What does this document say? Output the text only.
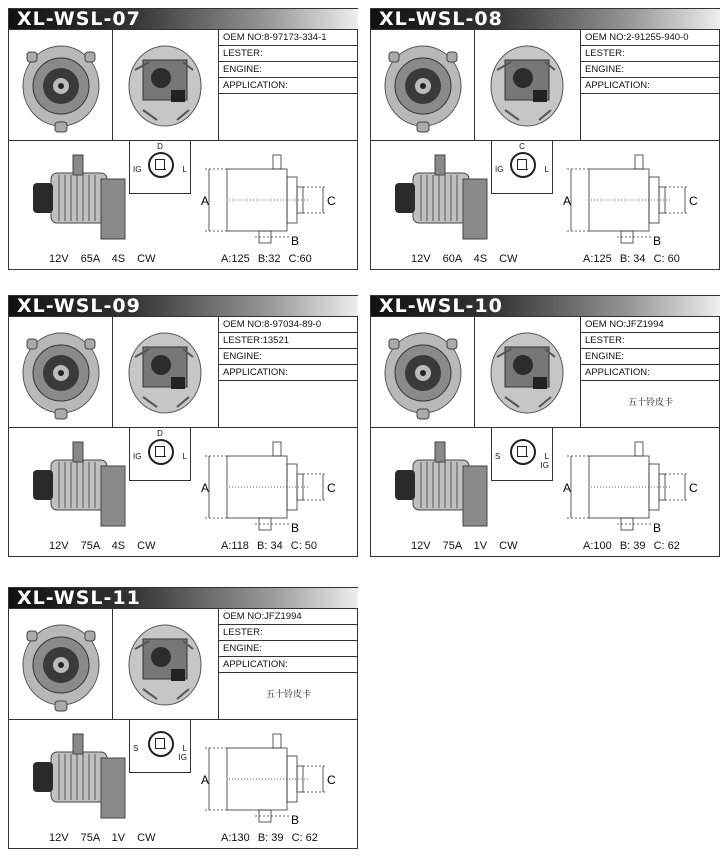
XL-WSL-07
OEM NO:8-97173-334-1
LESTER:
ENGINE:
APPLICATION:
D
IG	L
A	C
B
12V 65A 4S CW	A:125 B:32 C:60
XL-WSL-08
OEM NO:2-91255-940-0
LESTER:
ENGINE:
APPLICATION:
C
IG	L
A	C
B
12V 60A 4S CW	A:125 B: 34 C: 60
XL-WSL-09
OEM NO:8-97034-89-0
LESTER:13521
ENGINE:
APPLICATION:
D
IG	L
A	C
B
12V 75A 4S CW	A:118 B: 34 C: 50
XL-WSL-10
OEM NO:JFZ1994
LESTER:
ENGINE:
APPLICATION:
五十铃皮卡
S	L
IG
A	C
B
12V 75A 1V CW	A:100 B: 39 C: 62
XL-WSL-11
OEM NO:JFZ1994
LESTER:
ENGINE:
APPLICATION:
五十铃皮卡
S	L
IG
A	C
B
12V 75A 1V CW	A:130 B: 39 C: 62
